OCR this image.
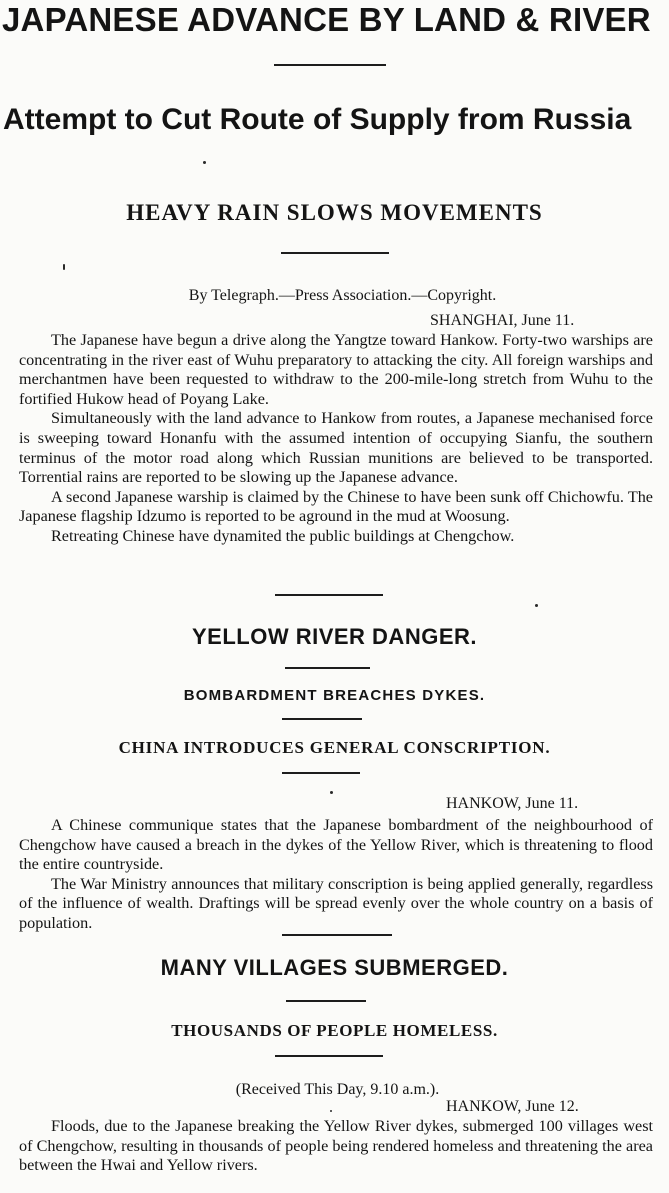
JAPANESE ADVANCE BY LAND & RIVER
Attempt to Cut Route of Supply from Russia
HEAVY RAIN SLOWS MOVEMENTS
By Telegraph.—Press Association.—Copyright.
SHANGHAI, June 11.

The Japanese have begun a drive along the Yangtze toward Hankow. Forty-two warships are concentrating in the river east of Wuhu preparatory to attacking the city. All foreign warships and merchantmen have been requested to withdraw to the 200-mile-long stretch from Wuhu to the fortified Hukow head of Poyang Lake.

Simultaneously with the land advance to Hankow from routes, a Japanese mechanised force is sweeping toward Honanfu with the assumed intention of occupying Sianfu, the southern terminus of the motor road along which Russian munitions are believed to be transported. Torrential rains are reported to be slowing up the Japanese advance.

A second Japanese warship is claimed by the Chinese to have been sunk off Chichowfu. The Japanese flagship Idzumo is reported to be aground in the mud at Woosung.

Retreating Chinese have dynamited the public buildings at Chengchow.

YELLOW RIVER DANGER.
BOMBARDMENT BREACHES DYKES.
CHINA INTRODUCES GENERAL CONSCRIPTION.
HANKOW, June 11.

A Chinese communique states that the Japanese bombardment of the neighbourhood of Chengchow have caused a breach in the dykes of the Yellow River, which is threatening to flood the entire countryside.

The War Ministry announces that military conscription is being applied generally, regardless of the influence of wealth. Draftings will be spread evenly over the whole country on a basis of population.

MANY VILLAGES SUBMERGED.
THOUSANDS OF PEOPLE HOMELESS.
(Received This Day, 9.10 a.m.).
HANKOW, June 12.

Floods, due to the Japanese breaking the Yellow River dykes, submerged 100 villages west of Chengchow, resulting in thousands of people being rendered homeless and threatening the area between the Hwai and Yellow rivers.
